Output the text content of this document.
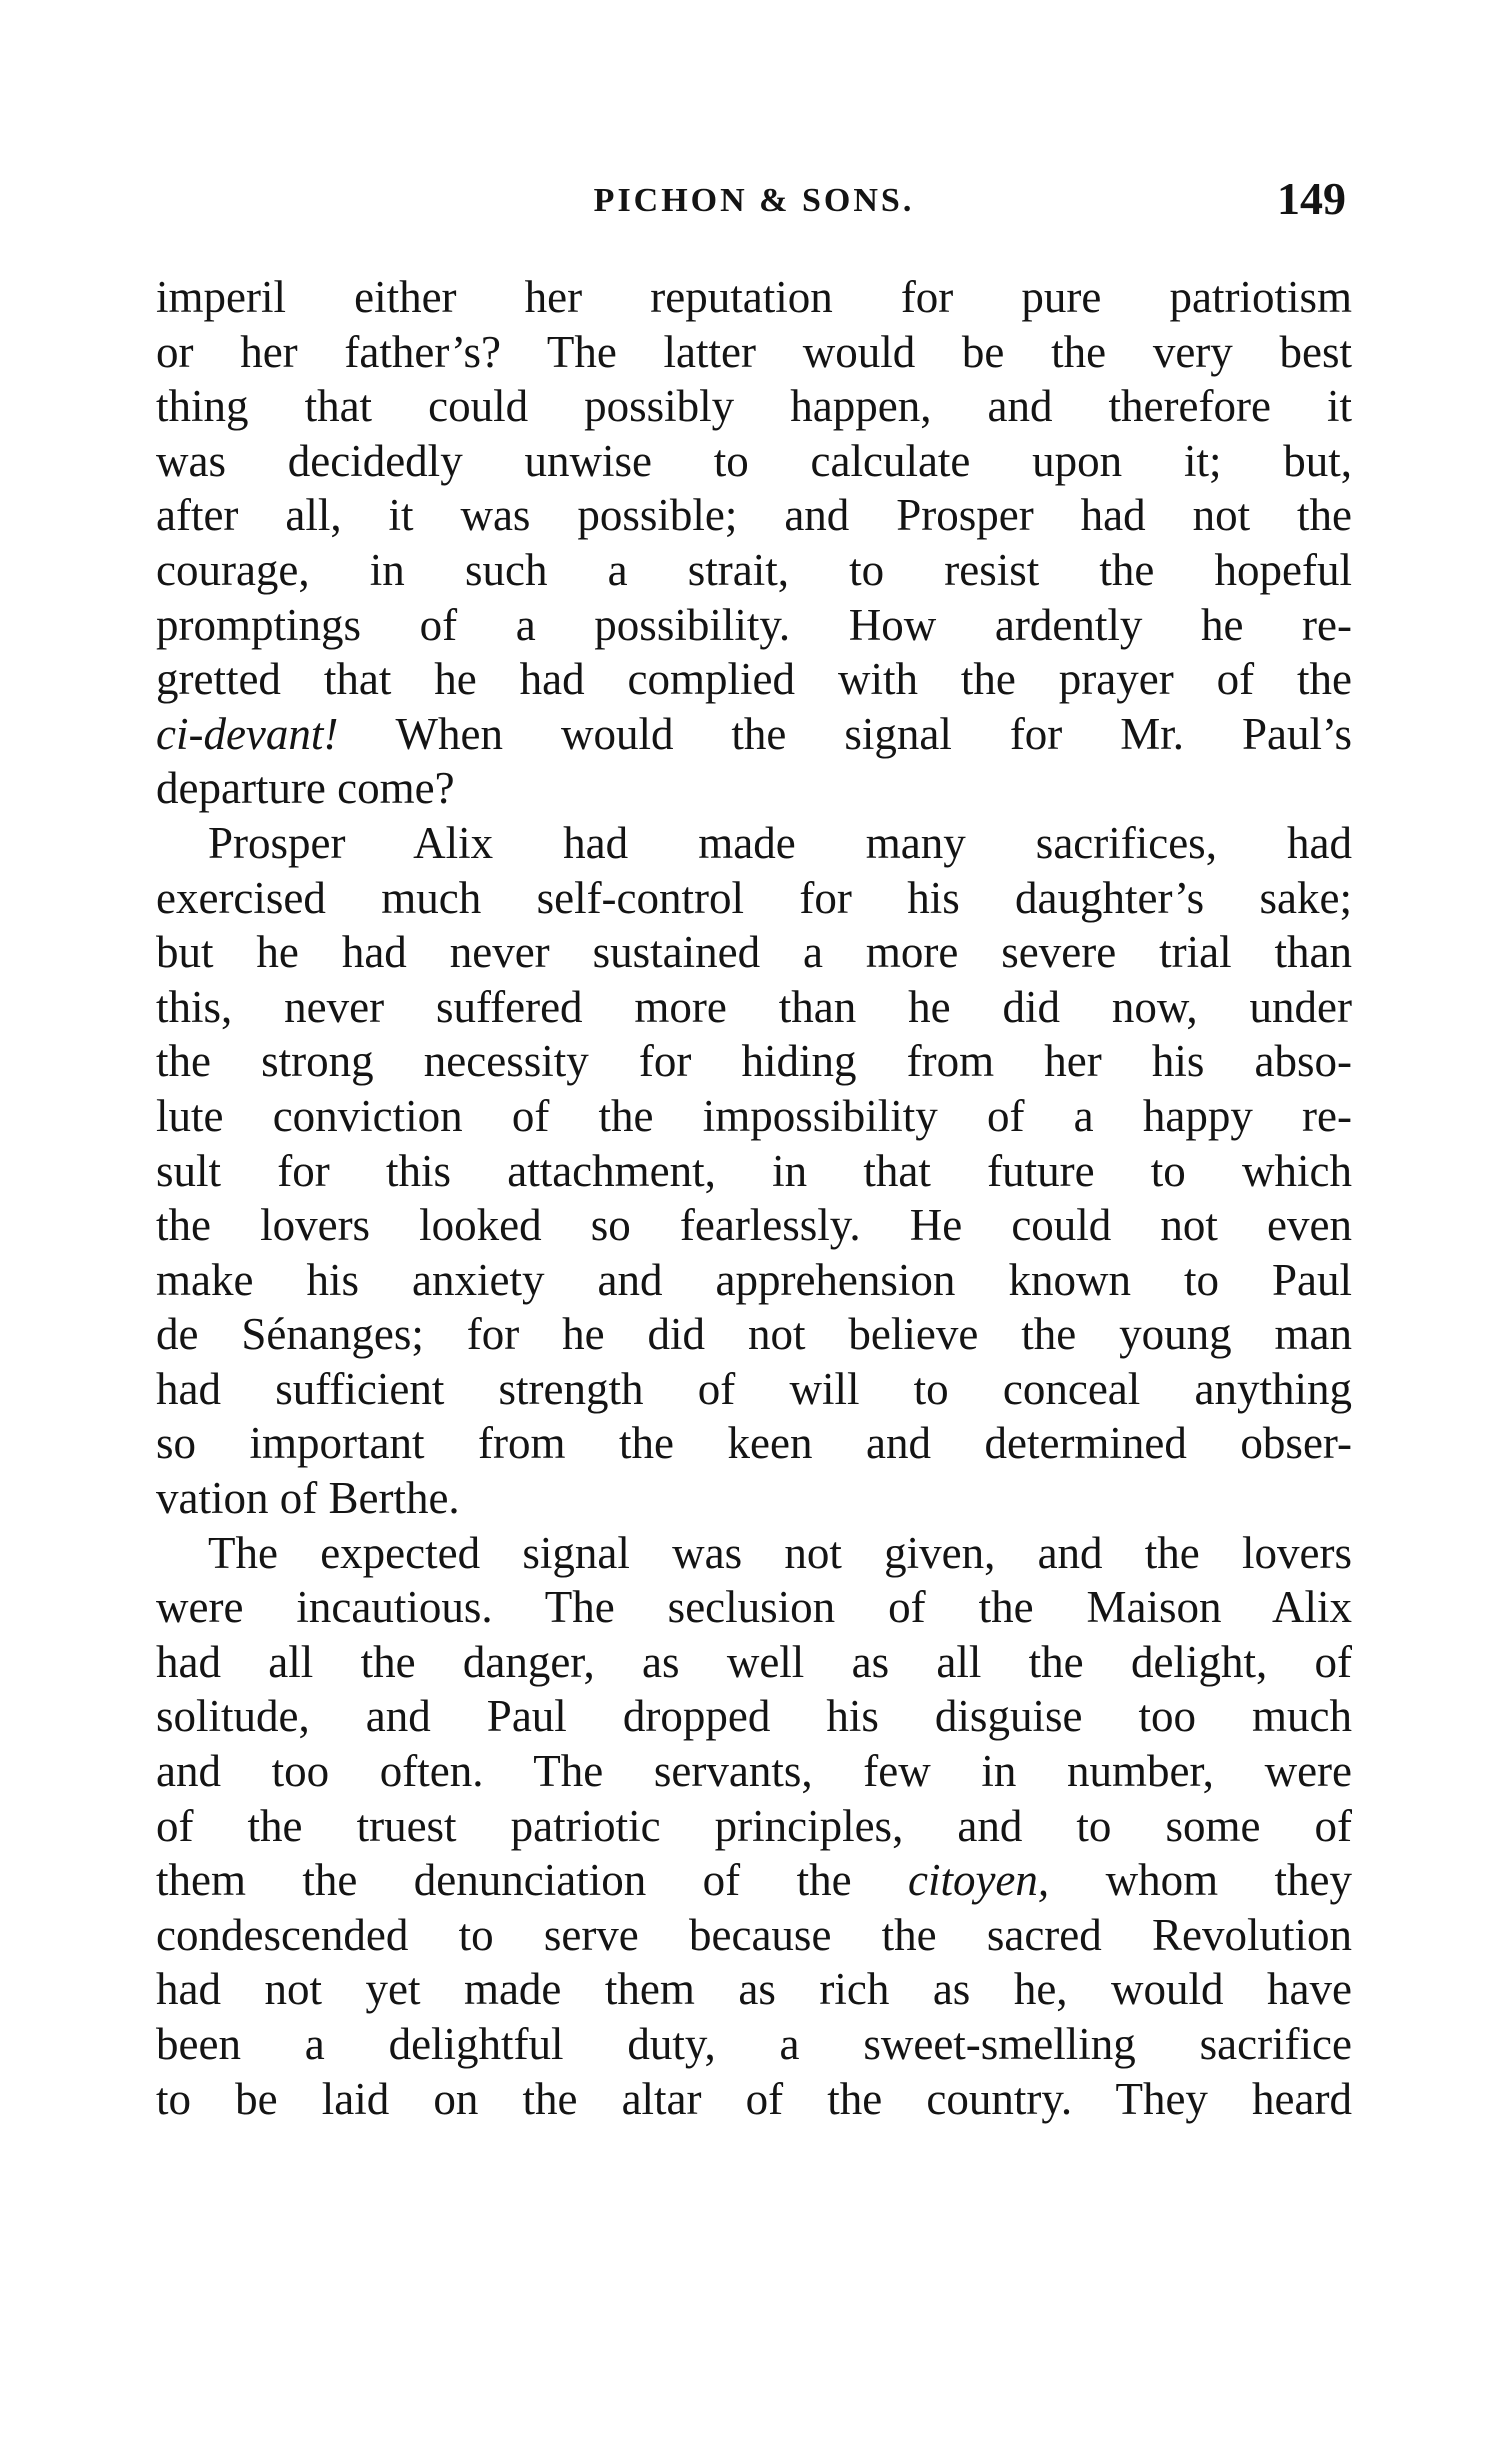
PICHON & SONS.	149
imperil either her reputation for pure patriotism
or her father’s? The latter would be the very best
thing that could possibly happen, and therefore it
was decidedly unwise to calculate upon it; but,
after all, it was possible; and Prosper had not the
courage, in such a strait, to resist the hopeful
promptings of a possibility. How ardently he re-
gretted that he had complied with the prayer of the
ci-devant! When would the signal for Mr. Paul’s
departure come?
Prosper Alix had made many sacrifices, had
exercised much self-control for his daughter’s sake;
but he had never sustained a more severe trial than
this, never suffered more than he did now, under
the strong necessity for hiding from her his abso-
lute conviction of the impossibility of a happy re-
sult for this attachment, in that future to which
the lovers looked so fearlessly. He could not even
make his anxiety and apprehension known to Paul
de Sénanges; for he did not believe the young man
had sufficient strength of will to conceal anything
so important from the keen and determined obser-
vation of Berthe.
The expected signal was not given, and the lovers
were incautious. The seclusion of the Maison Alix
had all the danger, as well as all the delight, of
solitude, and Paul dropped his disguise too much
and too often. The servants, few in number, were
of the truest patriotic principles, and to some of
them the denunciation of the citoyen, whom they
condescended to serve because the sacred Revolution
had not yet made them as rich as he, would have
been a delightful duty, a sweet-smelling sacrifice
to be laid on the altar of the country. They heard
